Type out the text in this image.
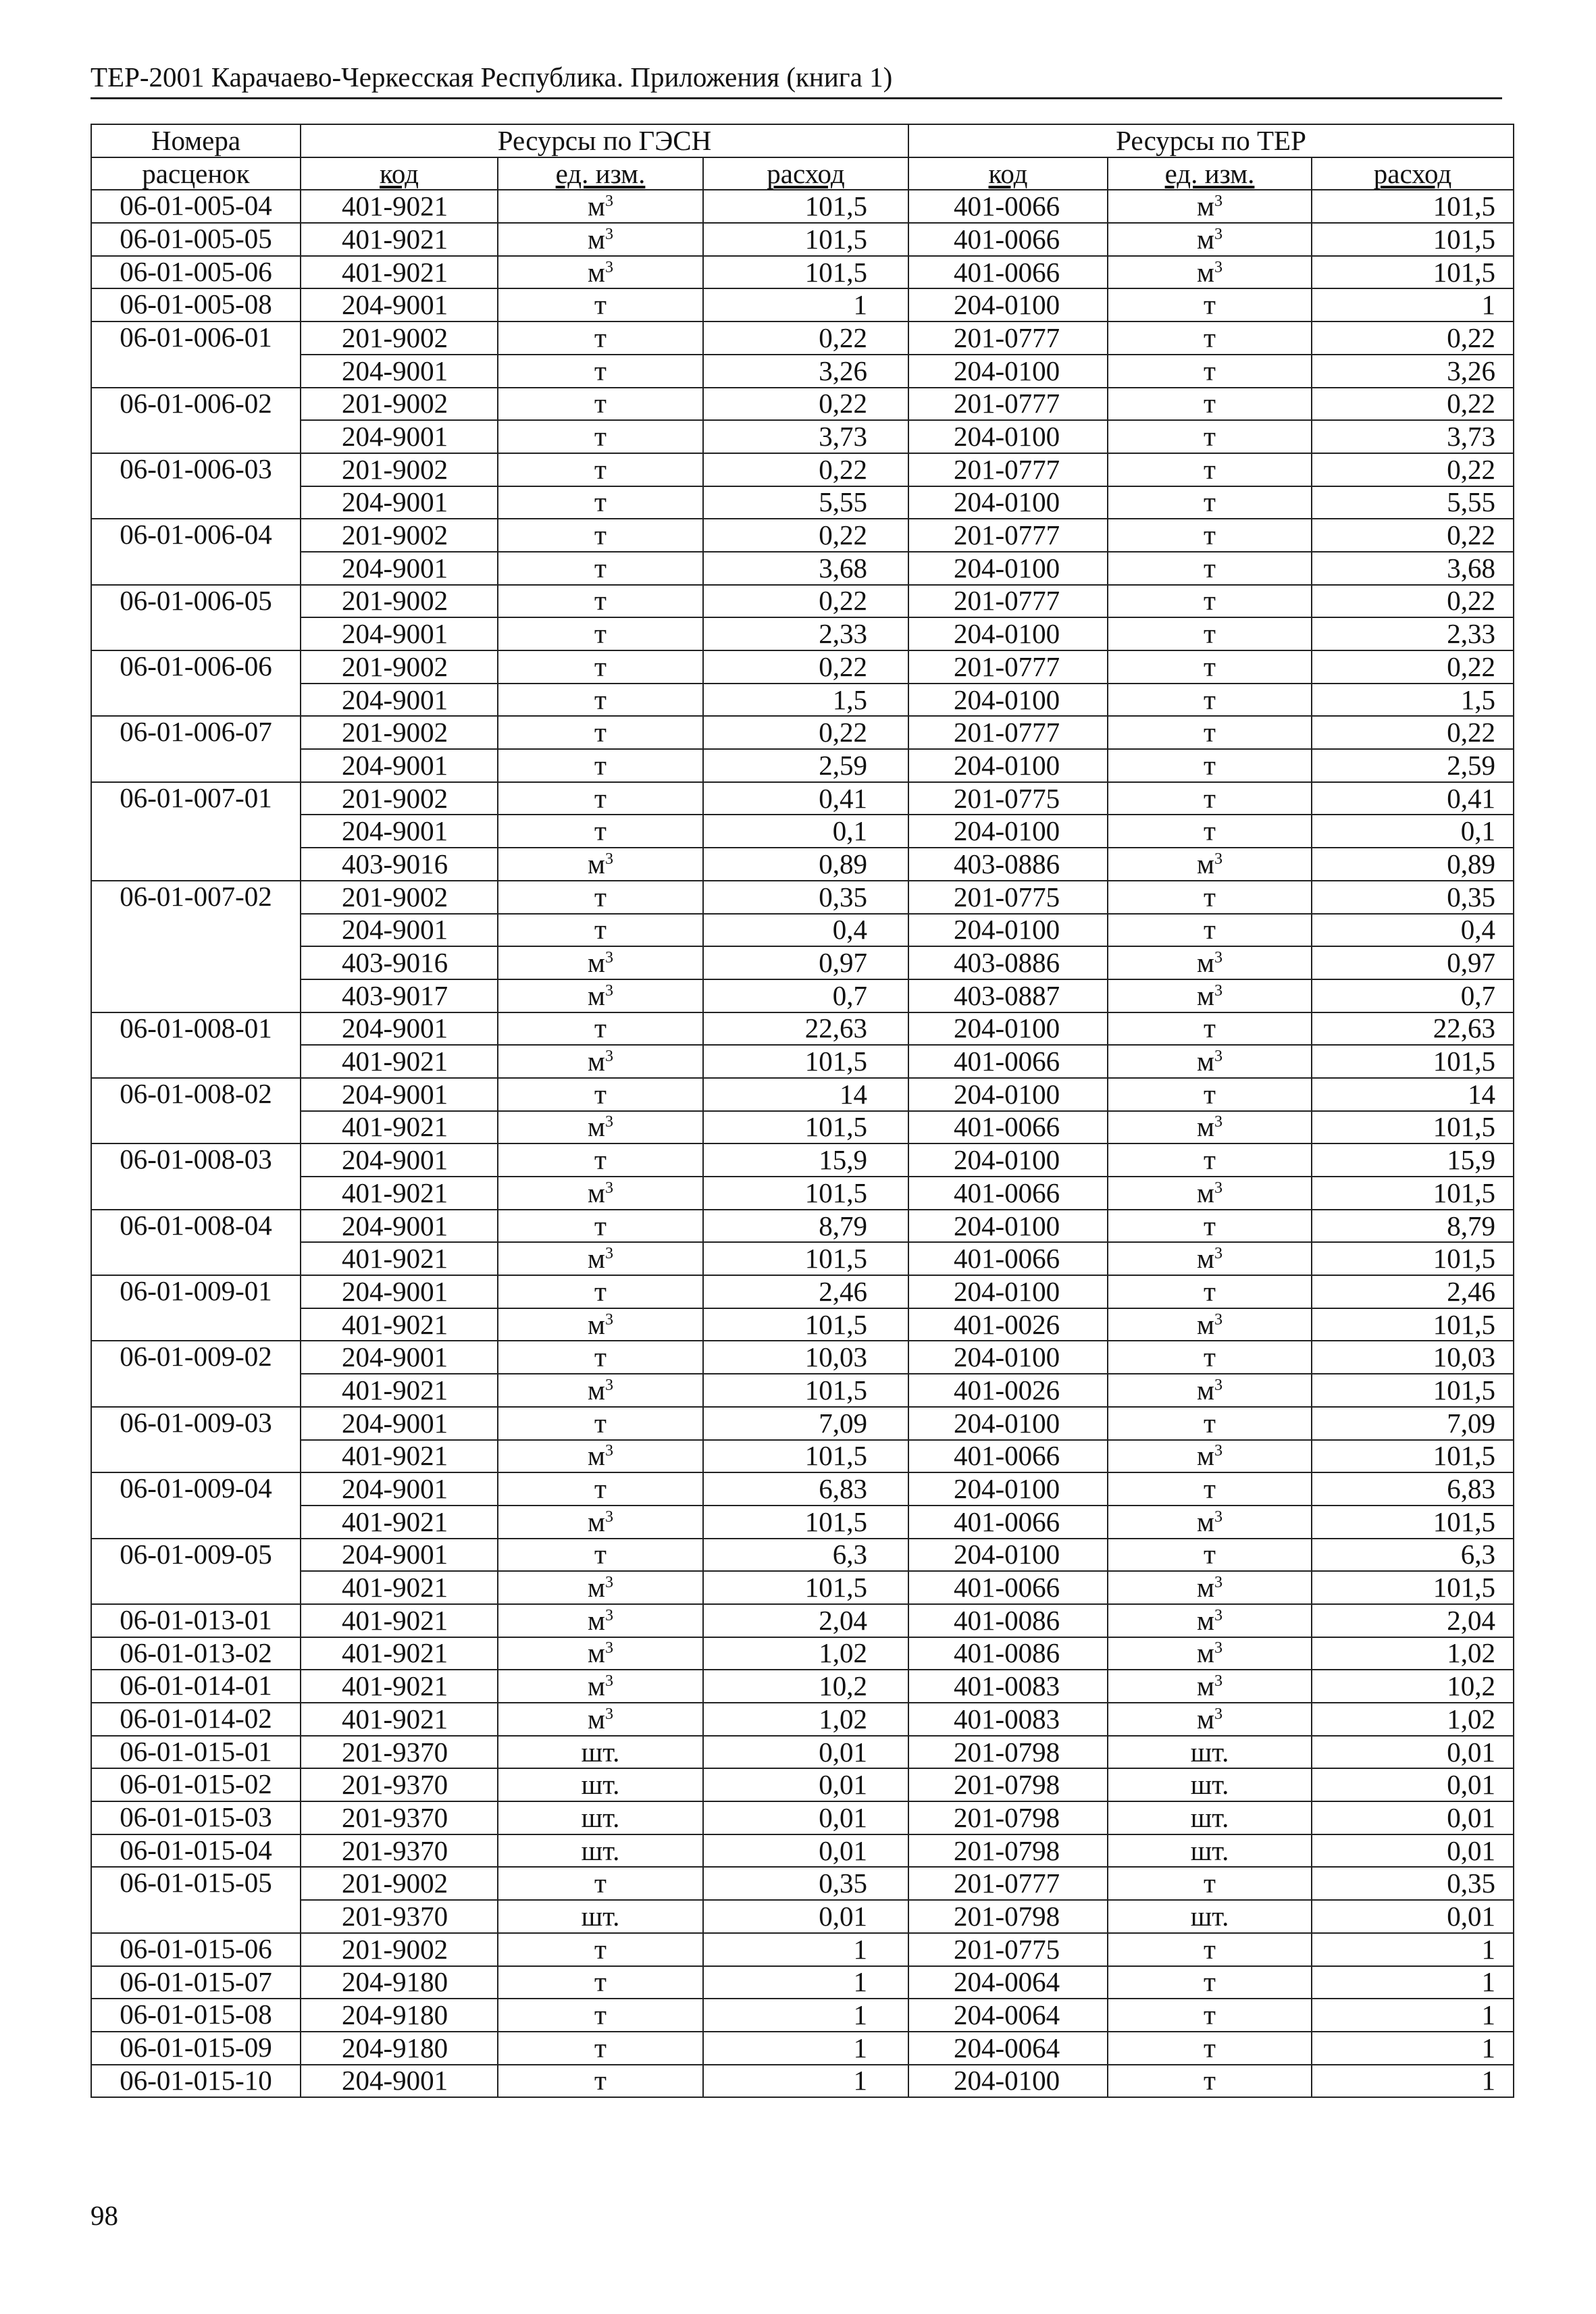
ТЕР-2001 Карачаево-Черкесская Республика. Приложения (книга 1)
Номера	Ресурсы по ГЭСН			Ресурсы по ТЕР		
расценок	код	ед. изм.	расход	код	ед. изм.	расход
06-01-005-04	401-9021	$м^3$	101,5	401-0066	$м^3$	101,5
06-01-005-05	401-9021	$м^3$	101,5	401-0066	$м^3$	101,5
06-01-005-06	401-9021	$м^3$	101,5	401-0066	$м^3$	101,5
06-01-005-08	204-9001	т	1	204-0100	т	1
06-01-006-01	201-9002	т	0,22	201-0777	т	0,22
	204-9001	т	3,26	204-0100	т	3,26
06-01-006-02	201-9002	т	0,22	201-0777	т	0,22
	204-9001	т	3,73	204-0100	т	3,73
06-01-006-03	201-9002	т	0,22	201-0777	т	0,22
	204-9001	т	5,55	204-0100	т	5,55
06-01-006-04	201-9002	т	0,22	201-0777	т	0,22
	204-9001	т	3,68	204-0100	т	3,68
06-01-006-05	201-9002	т	0,22	201-0777	т	0,22
	204-9001	т	2,33	204-0100	т	2,33
06-01-006-06	201-9002	т	0,22	201-0777	т	0,22
	204-9001	т	1,5	204-0100	т	1,5
06-01-006-07	201-9002	т	0,22	201-0777	т	0,22
	204-9001	т	2,59	204-0100	т	2,59
06-01-007-01	201-9002	т	0,41	201-0775	т	0,41
	204-9001	т	0,1	204-0100	т	0,1
	403-9016	$м^3$	0,89	403-0886	$м^3$	0,89
06-01-007-02	201-9002	т	0,35	201-0775	т	0,35
	204-9001	т	0,4	204-0100	т	0,4
	403-9016	$м^3$	0,97	403-0886	$м^3$	0,97
	403-9017	$м^3$	0,7	403-0887	$м^3$	0,7
06-01-008-01	204-9001	т	22,63	204-0100	т	22,63
	401-9021	$м^3$	101,5	401-0066	$м^3$	101,5
06-01-008-02	204-9001	т	14	204-0100	т	14
	401-9021	$м^3$	101,5	401-0066	$м^3$	101,5
06-01-008-03	204-9001	т	15,9	204-0100	т	15,9
	401-9021	$м^3$	101,5	401-0066	$м^3$	101,5
06-01-008-04	204-9001	т	8,79	204-0100	т	8,79
	401-9021	$м^3$	101,5	401-0066	$м^3$	101,5
06-01-009-01	204-9001	т	2,46	204-0100	т	2,46
	401-9021	$м^3$	101,5	401-0026	$м^3$	101,5
06-01-009-02	204-9001	т	10,03	204-0100	т	10,03
	401-9021	$м^3$	101,5	401-0026	$м^3$	101,5
06-01-009-03	204-9001	т	7,09	204-0100	т	7,09
	401-9021	$м^3$	101,5	401-0066	$м^3$	101,5
06-01-009-04	204-9001	т	6,83	204-0100	т	6,83
	401-9021	$м^3$	101,5	401-0066	$м^3$	101,5
06-01-009-05	204-9001	т	6,3	204-0100	т	6,3
	401-9021	$м^3$	101,5	401-0066	$м^3$	101,5
06-01-013-01	401-9021	$м^3$	2,04	401-0086	$м^3$	2,04
06-01-013-02	401-9021	$м^3$	1,02	401-0086	$м^3$	1,02
06-01-014-01	401-9021	$м^3$	10,2	401-0083	$м^3$	10,2
06-01-014-02	401-9021	$м^3$	1,02	401-0083	$м^3$	1,02
06-01-015-01	201-9370	шт.	0,01	201-0798	шт.	0,01
06-01-015-02	201-9370	шт.	0,01	201-0798	шт.	0,01
06-01-015-03	201-9370	шт.	0,01	201-0798	шт.	0,01
06-01-015-04	201-9370	шт.	0,01	201-0798	шт.	0,01
06-01-015-05	201-9002	т	0,35	201-0777	т	0,35
	201-9370	шт.	0,01	201-0798	шт.	0,01
06-01-015-06	201-9002	т	1	201-0775	т	1
06-01-015-07	204-9180	т	1	204-0064	т	1
06-01-015-08	204-9180	т	1	204-0064	т	1
06-01-015-09	204-9180	т	1	204-0064	т	1
06-01-015-10	204-9001	т	1	204-0100	т	1
98
